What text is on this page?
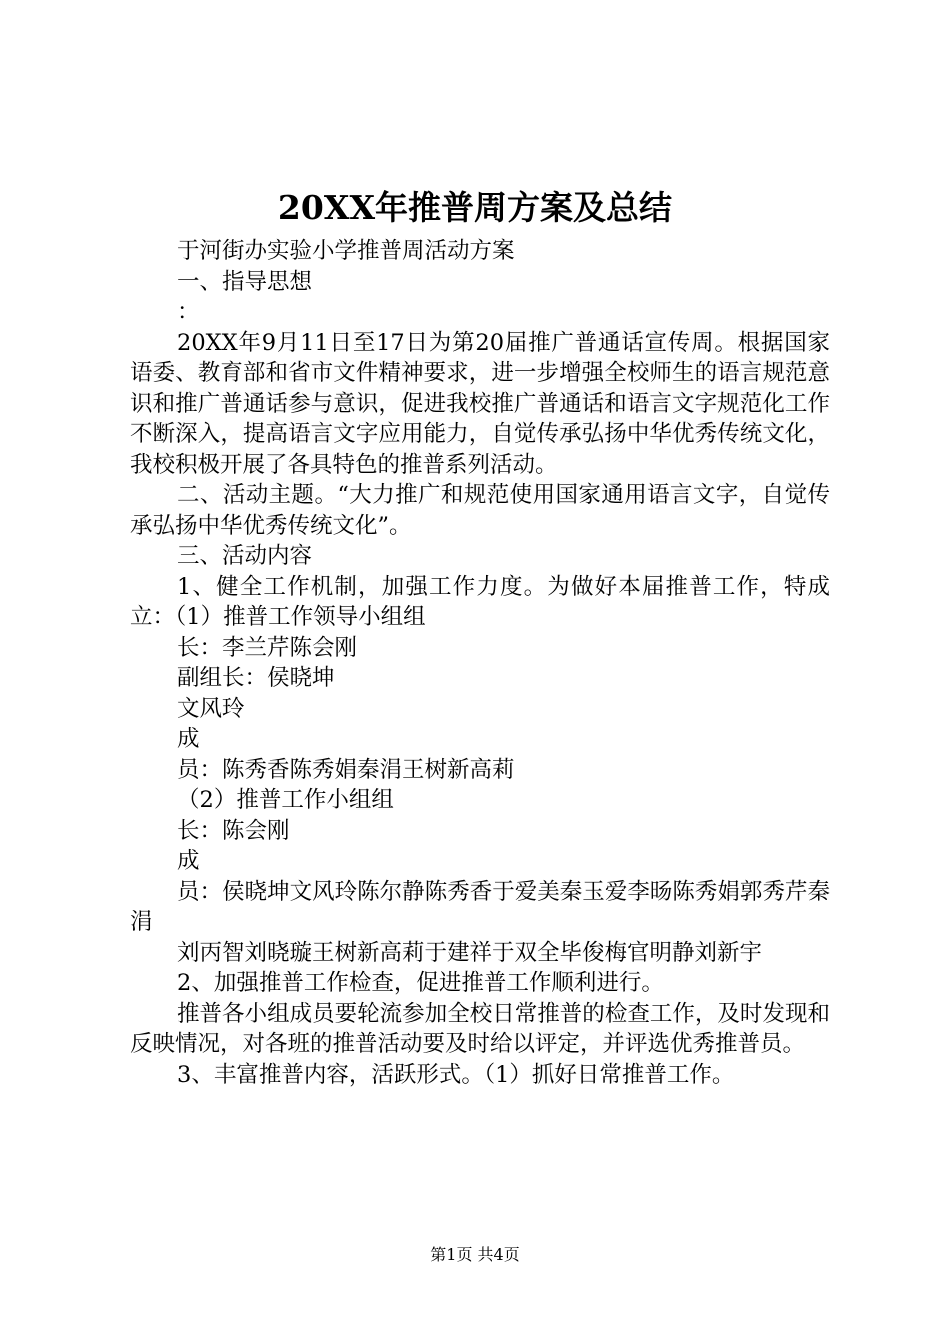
20XX年推普周方案及总结

于河街办实验小学推普周活动方案

一、指导思想

：

20XX年9月11日至17日为第20届推广普通话宣传周。根据国家语委、教育部和省市文件精神要求，进一步增强全校师生的语言规范意识和推广普通话参与意识，促进我校推广普通话和语言文字规范化工作不断深入，提高语言文字应用能力，自觉传承弘扬中华优秀传统文化，我校积极开展了各具特色的推普系列活动。

二、活动主题。“大力推广和规范使用国家通用语言文字，自觉传承弘扬中华优秀传统文化”。

三、活动内容

1、健全工作机制，加强工作力度。为做好本届推普工作，特成立：（1）推普工作领导小组组

长：李兰芹陈会刚

副组长：侯晓坤

文风玲

成

员：陈秀香陈秀娟秦涓王树新高莉

（2）推普工作小组组

长：陈会刚

成

员：侯晓坤文风玲陈尔静陈秀香于爱美秦玉爱李旸陈秀娟郭秀芹秦涓

刘丙智刘晓璇王树新高莉于建祥于双全毕俊梅官明静刘新宇

2、加强推普工作检查，促进推普工作顺利进行。

推普各小组成员要轮流参加全校日常推普的检查工作，及时发现和反映情况，对各班的推普活动要及时给以评定，并评选优秀推普员。

3、丰富推普内容，活跃形式。（1）抓好日常推普工作。

第1页 共4页
